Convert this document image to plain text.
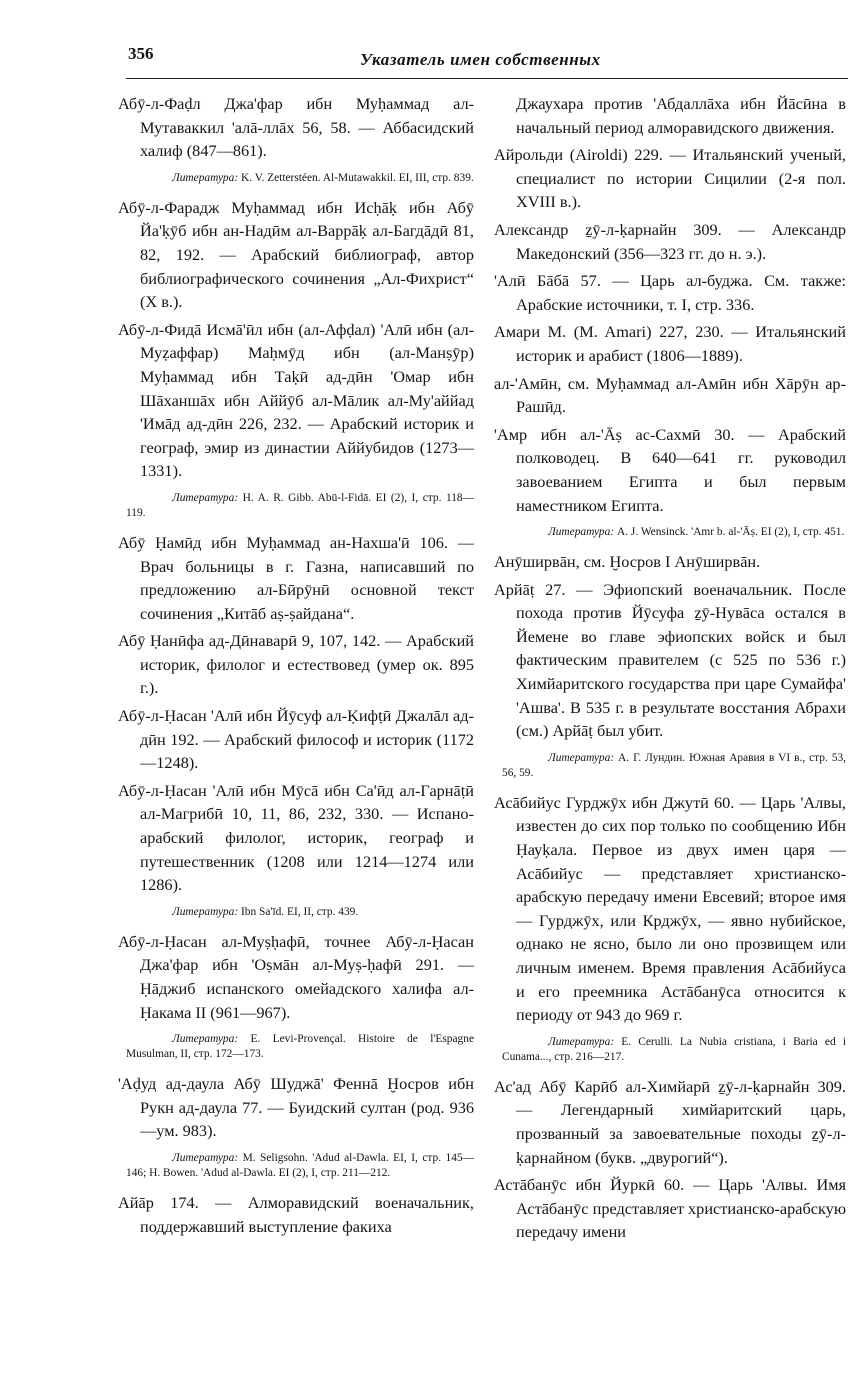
356	Указатель имен собственных

Абӯ-л-Фаḍл Джа'фар ибн Муḥаммад ал-Мутаваккил 'алā-ллāх 56, 58. — Аббасидский халиф (847—861).

Литература: K. V. Zetterstéen. Al-Mutawakkil. EI, III, стр. 839.

Абӯ-л-Фарадж Муḥаммад ибн Исḥāḳ ибн Абӯ Йа'ḳӯб ибн ан-Надӣм ал-Варрāḳ ал-Багдāдӣ 81, 82, 192. — Арабский библиограф, автор библиографического сочинения „Ал-Фихрист“ (X в.).

Абӯ-л-Фидā Исмā'ӣл ибн (ал-Афḍал) 'Алӣ ибн (ал-Муẓаффар) Маḥмӯд ибн (ал-Манṣӯр) Муḥаммад ибн Таḳӣ ад-дӣн 'Омар ибн Шāханшāх ибн Аййӯб ал-Мāлик ал-Му'аййад 'Имāд ад-дӣн 226, 232. — Арабский историк и географ, эмир из династии Аййубидов (1273—1331).

Литература: H. A. R. Gibb. Abū-l-Fidā. EI (2), I, стр. 118—119.

Абӯ Ḥамӣд ибн Муḥаммад ан-Нахша'ӣ 106. — Врач больницы в г. Газна, написавший по предложению ал-Бӣрӯнӣ основной текст сочинения „Китāб аṣ-ṣайдана“.

Абӯ Ḥанӣфа ад-Дӣнаварӣ 9, 107, 142. — Арабский историк, филолог и естествовед (умер ок. 895 г.).

Абӯ-л-Ḥасан 'Алӣ ибн Йӯсуф ал-Ḳифṭӣ Джалāл ад-дӣн 192. — Арабский философ и историк (1172—1248).

Абӯ-л-Ḥасан 'Алӣ ибн Мӯсā ибн Са'ӣд ал-Гарнāṭӣ ал-Магрибӣ 10, 11, 86, 232, 330. — Испано-арабский филолог, историк, географ и путешественник (1208 или 1214—1274 или 1286).

Литература: Ibn Sa'īd. EI, II, стр. 439.

Абӯ-л-Ḥасан ал-Муṣḥафӣ, точнее Абӯ-л-Ḥасан Джа'фар ибн 'Оṣмāн ал-Муṣ-ḥафӣ 291. — Ḥāджиб испанского омейадского халифа ал-Ḥакама II (961—967).

Литература: E. Levi-Provençal. Histoire de l'Espagne Musulman, II, стр. 172—173.

'Аḍуд ад-даула Абӯ Шуджā' Феннā Ḫосров ибн Рукн ад-даула 77. — Буидский султан (род. 936—ум. 983).

Литература: M. Seligsohn. 'Adud al-Dawla. EI, I, стр. 145—146; H. Bowen. 'Adud al-Dawla. EI (2), I, стр. 211—212.

Айāр 174. — Алморавидский военачальник, поддержавший выступление факиха

Джаухара против 'Абдаллāха ибн Йāсӣна в начальный период алморавидского движения.

Айрольди (Airoldi) 229. — Итальянский ученый, специалист по истории Сицилии (2-я пол. XVIII в.).

Александр ẕӯ-л-ḳарнайн 309. — Александр Македонский (356—323 гг. до н. э.).

'Алӣ Бāбā 57. — Царь ал-буджа. См. также: Арабские источники, т. I, стр. 336.

Амари М. (M. Amari) 227, 230. — Итальянский историк и арабист (1806—1889).

ал-'Амӣн, см. Муḥаммад ал-Амӣн ибн Хāрӯн ар-Рашӣд.

'Амр ибн ал-'Āṣ ас-Сахмӣ 30. — Арабский полководец. В 640—641 гг. руководил завоеванием Египта и был первым наместником Египта.

Литература: A. J. Wensinck. 'Amr b. al-'Āṣ. EI (2), I, стр. 451.

Анӯширвāн, см. Ḫосров I Анӯширвāн.

Арйāṭ 27. — Эфиопский военачальник. После похода против Йӯсуфа ẕӯ-Нувāса остался в Йемене во главе эфиопских войск и был фактическим правителем (с 525 по 536 г.) Химйаритского государства при царе Сумайфа' 'Ашва'. В 535 г. в результате восстания Абрахи (см.) Арйāṭ был убит.

Литература: А. Г. Лундин. Южная Аравия в VI в., стр. 53, 56, 59.

Асāбийус Гурджӯх ибн Джутӣ 60. — Царь 'Алвы, известен до сих пор только по сообщению Ибн Ḥауḳала. Первое из двух имен царя — Асāбийус — представляет христианско-арабскую передачу имени Евсевий; второе имя — Гурджӯх, или Крджӯх, — явно нубийское, однако не ясно, было ли оно прозвищем или личным именем. Время правления Асāбийуса и его преемника Астāбанӯса относится к периоду от 943 до 969 г.

Литература: E. Cerulli. La Nubia cristiana, i Baria ed i Cunama..., стр. 216—217.

Ас'ад Абӯ Карӣб ал-Химйарӣ ẕӯ-л-ḳарнайн 309. — Легендарный химйаритский царь, прозванный за завоевательные походы ẕӯ-л-ḳарнайном (букв. „двурогий“).

Астāбанӯс ибн Йуркӣ 60. — Царь 'Алвы. Имя Астāбанӯс представляет христианско-арабскую передачу имени
